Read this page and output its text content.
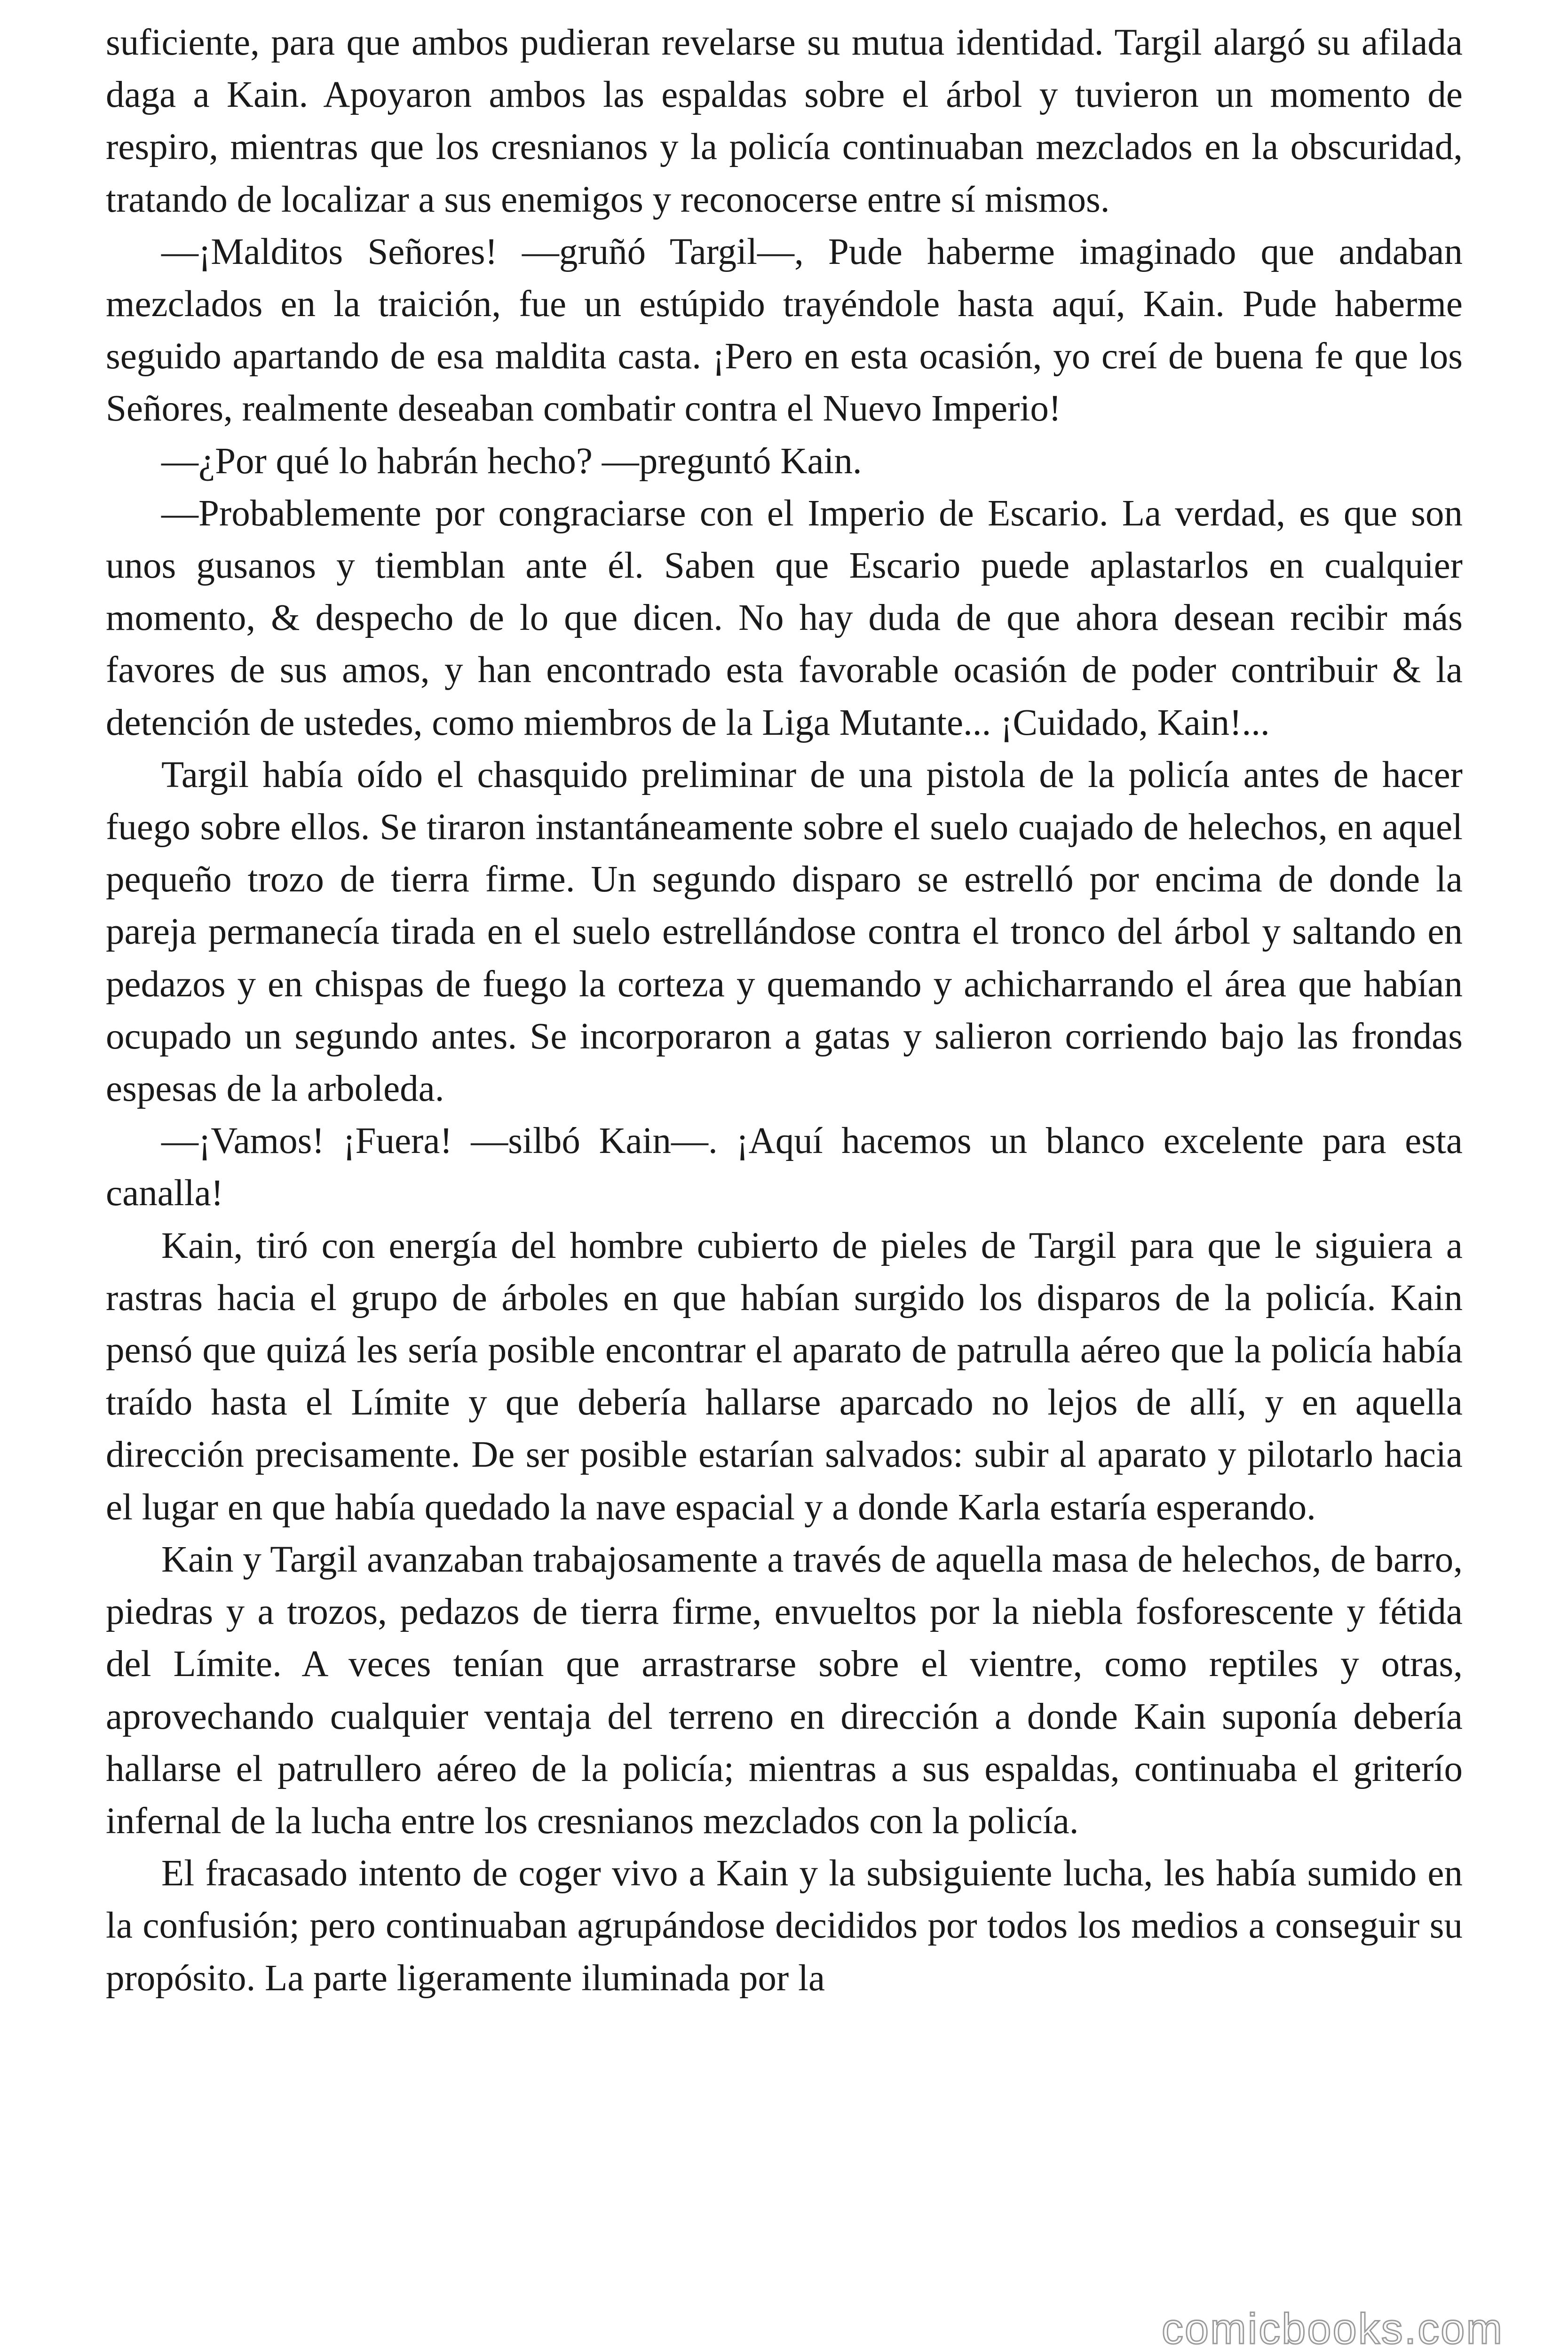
suficiente, para que ambos pudieran revelarse su mutua identidad. Targil alargó su afilada daga a Kain. Apoyaron ambos las espaldas sobre el árbol y tuvieron un momento de respiro, mientras que los cresnianos y la policía continuaban mezclados en la obscuridad, tratando de localizar a sus enemigos y reconocerse entre sí mismos.

—¡Malditos Señores! —gruñó Targil—, Pude haberme imaginado que andaban mezclados en la traición, fue un estúpido trayéndole hasta aquí, Kain. Pude haberme seguido apartando de esa maldita casta. ¡Pero en esta ocasión, yo creí de buena fe que los Señores, realmente deseaban combatir contra el Nuevo Imperio!

—¿Por qué lo habrán hecho? —preguntó Kain.

—Probablemente por congraciarse con el Imperio de Escario. La verdad, es que son unos gusanos y tiemblan ante él. Saben que Escario puede aplastarlos en cualquier momento, & despecho de lo que dicen. No hay duda de que ahora desean recibir más favores de sus amos, y han encontrado esta favorable ocasión de poder contribuir & la detención de ustedes, como miembros de la Liga Mutante... ¡Cuidado, Kain!...

Targil había oído el chasquido preliminar de una pistola de la policía antes de hacer fuego sobre ellos. Se tiraron instantáneamente sobre el suelo cuajado de helechos, en aquel pequeño trozo de tierra firme. Un segundo disparo se estrelló por encima de donde la pareja permanecía tirada en el suelo estrellándose contra el tronco del árbol y saltando en pedazos y en chispas de fuego la corteza y quemando y achicharrando el área que habían ocupado un segundo antes. Se incorporaron a gatas y salieron corriendo bajo las frondas espesas de la arboleda.

—¡Vamos! ¡Fuera! —silbó Kain—. ¡Aquí hacemos un blanco excelente para esta canalla!

Kain, tiró con energía del hombre cubierto de pieles de Targil para que le siguiera a rastras hacia el grupo de árboles en que habían surgido los disparos de la policía. Kain pensó que quizá les sería posible encontrar el aparato de patrulla aéreo que la policía había traído hasta el Límite y que debería hallarse aparcado no lejos de allí, y en aquella dirección precisamente. De ser posible estarían salvados: subir al aparato y pilotarlo hacia el lugar en que había quedado la nave espacial y a donde Karla estaría esperando.

Kain y Targil avanzaban trabajosamente a través de aquella masa de helechos, de barro, piedras y a trozos, pedazos de tierra firme, envueltos por la niebla fosforescente y fétida del Límite. A veces tenían que arrastrarse sobre el vientre, como reptiles y otras, aprovechando cualquier ventaja del terreno en dirección a donde Kain suponía debería hallarse el patrullero aéreo de la policía; mientras a sus espaldas, continuaba el griterío infernal de la lucha entre los cresnianos mezclados con la policía.

El fracasado intento de coger vivo a Kain y la subsiguiente lucha, les había sumido en la confusión; pero continuaban agrupándose decididos por todos los medios a conseguir su propósito. La parte ligeramente iluminada por la

comicbooks.com
